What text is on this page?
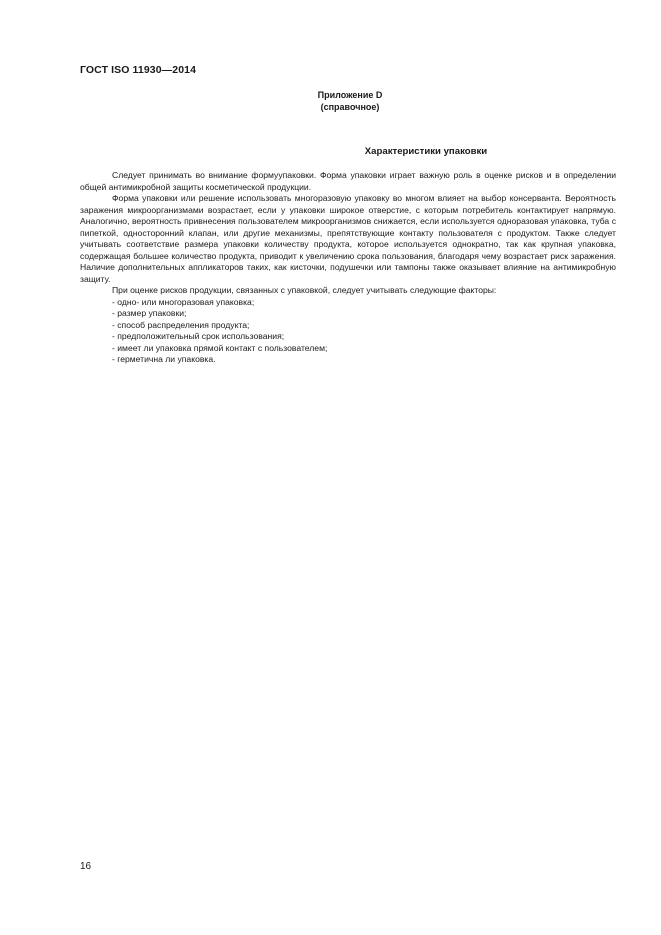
ГОСТ ISO 11930—2014
Приложение D
(справочное)
Характеристики упаковки

Следует принимать во внимание формуупаковки. Форма упаковки играет важную роль в оценке рисков и в определении общей антимикробной защиты косметической продукции.

Форма упаковки или решение использовать многоразовую упаковку во многом влияет на выбор консерванта. Вероятность заражения микроорганизмами возрастает, если у упаковки широкое отверстие, с которым потребитель контактирует напрямую. Аналогично, вероятность привнесения пользователем микроорганизмов снижается, если используется одноразовая упаковка, туба с пипеткой, односторонний клапан, или другие механизмы, препятствующие контакту пользователя с продуктом. Также следует учитывать соответствие размера упаковки количеству продукта, которое используется однократно, так как крупная упаковка, содержащая большее количество продукта, приводит к увеличению срока пользования, благодаря чему возрастает риск заражения. Наличие дополнительных аппликаторов таких, как кисточки, подушечки или тампоны также оказывает влияние на антимикробную защиту.

При оценке рисков продукции, связанных с упаковкой, следует учитывать следующие факторы:

- одно- или многоразовая упаковка;
- размер упаковки;
- способ распределения продукта;
- предположительный срок использования;
- имеет ли упаковка прямой контакт с пользователем;
- герметична ли упаковка.
16
